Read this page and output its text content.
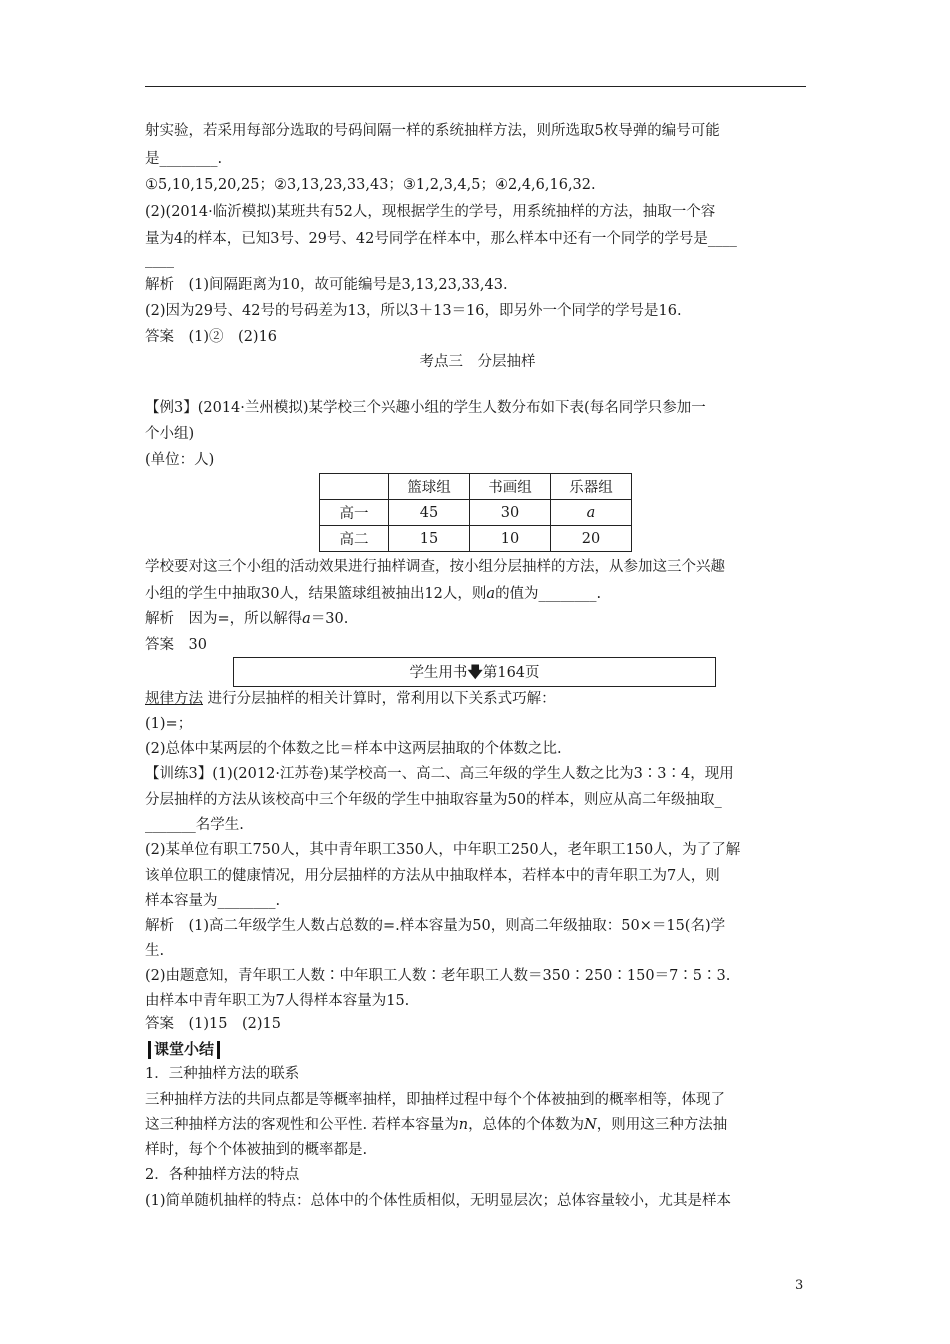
射实验，若采用每部分选取的号码间隔一样的系统抽样方法，则所选取5枚导弹的编号可能
是________.
①5,10,15,20,25；②3,13,23,33,43；③1,2,3,4,5；④2,4,6,16,32.
(2)(2014·临沂模拟)某班共有52人，现根据学生的学号，用系统抽样的方法，抽取一个容
量为4的样本，已知3号、29号、42号同学在样本中，那么样本中还有一个同学的学号是____
____
解析　(1)间隔距离为10，故可能编号是3,13,23,33,43.
(2)因为29号、42号的号码差为13，所以3＋13＝16，即另外一个同学的学号是16.
答案　(1)②　(2)16
考点三　分层抽样
【例3】(2014·兰州模拟)某学校三个兴趣小组的学生人数分布如下表(每名同学只参加一
个小组)
(单位：人)
	篮球组	书画组	乐器组
高一	45	30	a
高二	15	10	20
学校要对这三个小组的活动效果进行抽样调查，按小组分层抽样的方法，从参加这三个兴趣
小组的学生中抽取30人，结果篮球组被抽出12人，则a的值为________.
解析　因为=，所以解得a＝30.
答案　30
学生用书🡇第164页
规律方法 进行分层抽样的相关计算时，常利用以下关系式巧解：
(1)=；
(2)总体中某两层的个体数之比＝样本中这两层抽取的个体数之比.
【训练3】(1)(2012·江苏卷)某学校高一、高二、高三年级的学生人数之比为3∶3∶4，现用
分层抽样的方法从该校高中三个年级的学生中抽取容量为50的样本，则应从高二年级抽取_
_______名学生.
(2)某单位有职工750人，其中青年职工350人，中年职工250人，老年职工150人，为了了解
该单位职工的健康情况，用分层抽样的方法从中抽取样本，若样本中的青年职工为7人，则
样本容量为________.
解析　(1)高二年级学生人数占总数的=.样本容量为50，则高二年级抽取：50×＝15(名)学
生.
(2)由题意知，青年职工人数∶中年职工人数∶老年职工人数＝350∶250∶150＝7∶5∶3.
由样本中青年职工为7人得样本容量为15.
答案　(1)15　(2)15
课堂小结
1．三种抽样方法的联系
三种抽样方法的共同点都是等概率抽样，即抽样过程中每个个体被抽到的概率相等，体现了
这三种抽样方法的客观性和公平性. 若样本容量为n，总体的个体数为N，则用这三种方法抽
样时，每个个体被抽到的概率都是.
2．各种抽样方法的特点
(1)简单随机抽样的特点：总体中的个体性质相似，无明显层次；总体容量较小，尤其是样本
3
